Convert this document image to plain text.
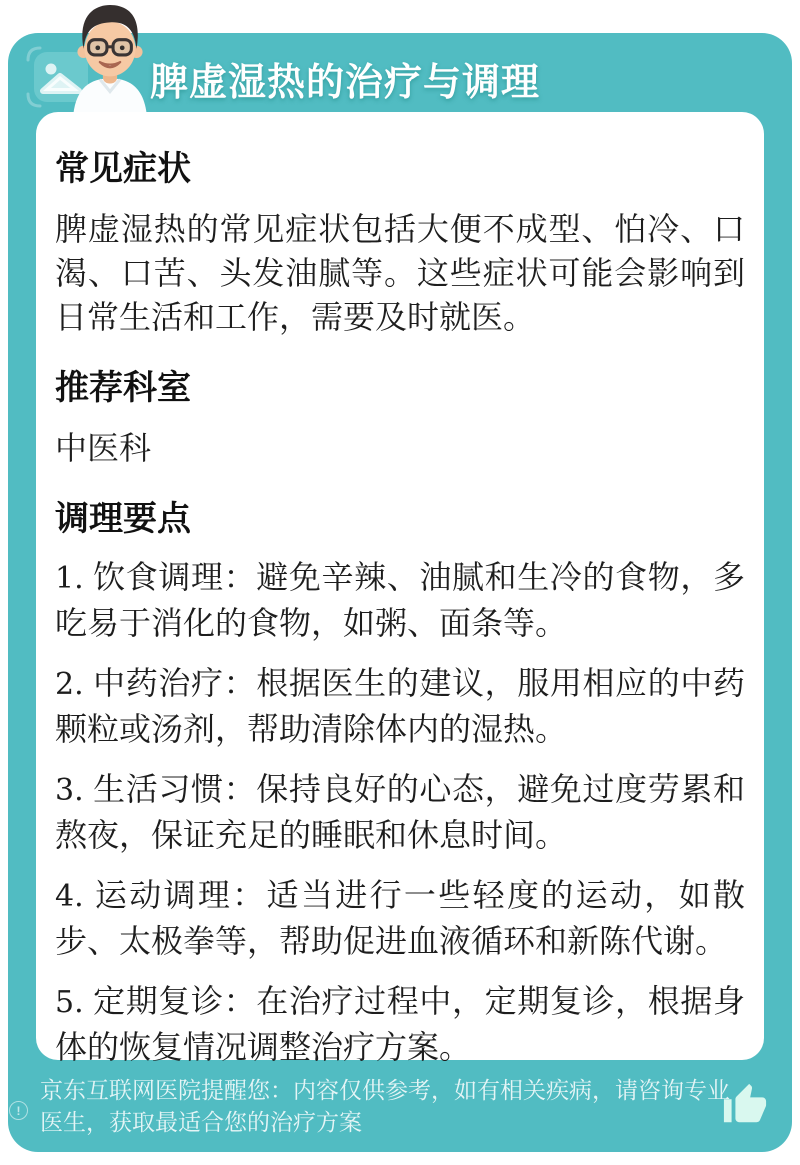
脾虚湿热的治疗与调理
常见症状

脾虚湿热的常见症状包括大便不成型、怕冷、口渴、口苦、头发油腻等。这些症状可能会影响到日常生活和工作，需要及时就医。

推荐科室

中医科

调理要点

1. 饮食调理：避免辛辣、油腻和生冷的食物，多吃易于消化的食物，如粥、面条等。

2. 中药治疗：根据医生的建议，服用相应的中药颗粒或汤剂，帮助清除体内的湿热。

3. 生活习惯：保持良好的心态，避免过度劳累和熬夜，保证充足的睡眠和休息时间。

4. 运动调理：适当进行一些轻度的运动，如散步、太极拳等，帮助促进血液循环和新陈代谢。

5. 定期复诊：在治疗过程中，定期复诊，根据身体的恢复情况调整治疗方案。

!
京东互联网医院提醒您：内容仅供参考，如有相关疾病，请咨询专业医生，获取最适合您的治疗方案
